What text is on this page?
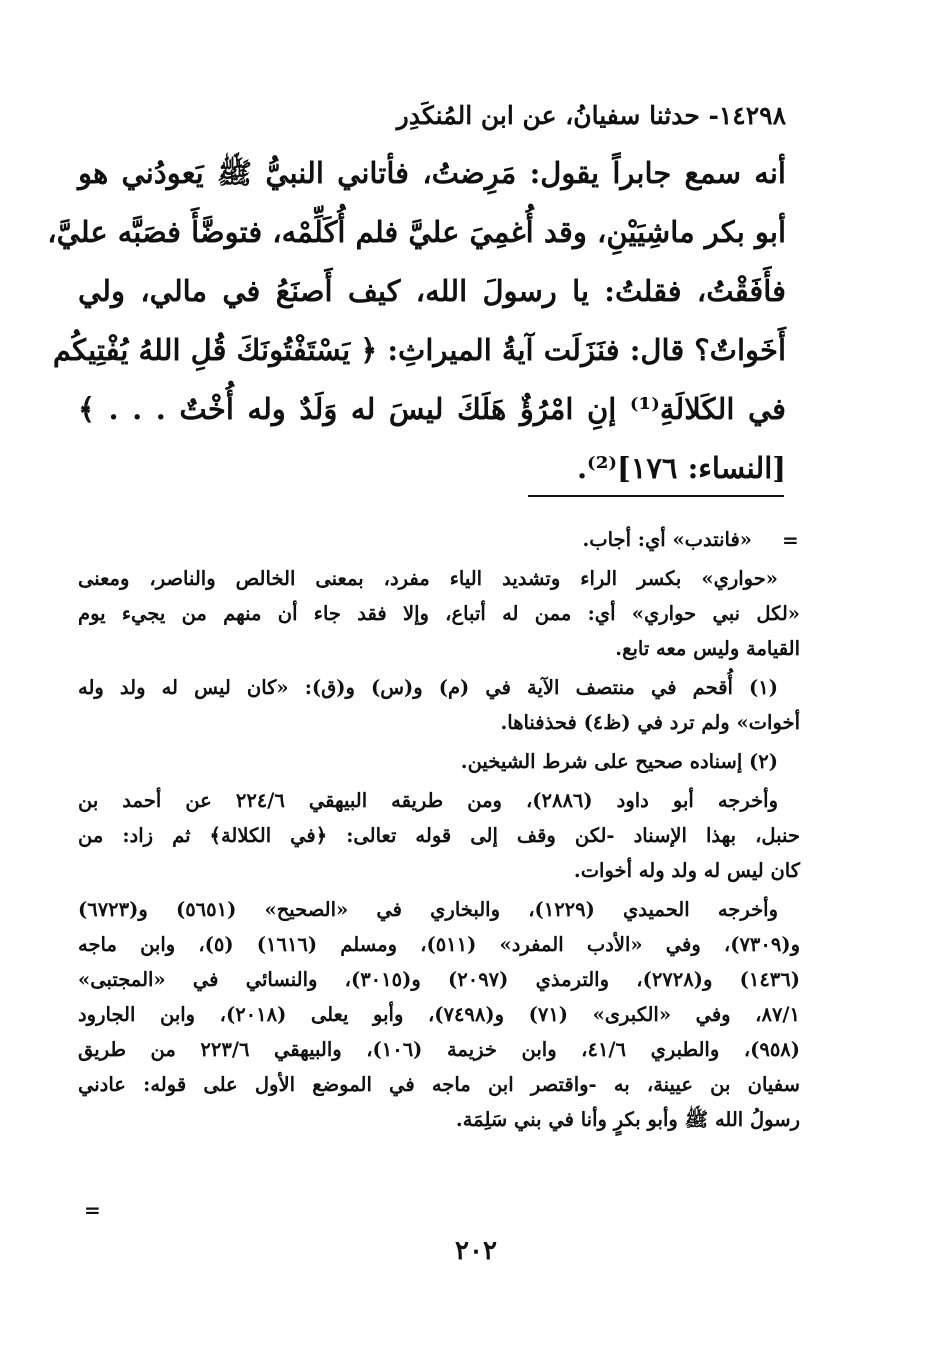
١٤٢٩٨- حدثنا سفيانُ، عن ابن المُنكَدِر
أنه سمع جابراً يقول: مَرِضتُ، فأتاني النبيُّ ﷺ يَعودُني هو
أبو بكر ماشِيَيْنِ، وقد أُغمِيَ عليَّ فلم أُكَلِّمْه، فتوضَّأَ فصَبَّه عليَّ،
فأَفَقْتُ، فقلتُ: يا رسولَ الله، كيف أَصنَعُ في مالي، ولي
أَخَواتٌ؟ قال: فنَزَلَت آيةُ الميراثِ: ﴿ يَسْتَفْتُونَكَ قُلِ اللهُ يُفْتِيكُم
في الكَلالَةِ⁽¹⁾ إنِ امْرُؤٌ هَلَكَ ليسَ له وَلَدٌ وله أُخْتٌ . . . ﴾
[النساء: ١٧٦]⁽²⁾.
=
«فانتدب» أي: أجاب.
«حواري» بكسر الراء وتشديد الياء مفرد، بمعنى الخالص والناصر، ومعنى
«لكل نبي حواري» أي: ممن له أتباع، وإلا فقد جاء أن منهم من يجيء يوم
القيامة وليس معه تابع.
(١) أُقحم في منتصف الآية في (م) و(س) و(ق): «كان ليس له ولد وله
أخوات» ولم ترد في (ظ٤) فحذفناها.
(٢) إسناده صحيح على شرط الشيخين.
وأخرجه أبو داود (٢٨٨٦)، ومن طريقه البيهقي ٢٢٤/٦ عن أحمد بن
حنبل، بهذا الإسناد -لكن وقف إلى قوله تعالى: ﴿في الكلالة﴾ ثم زاد: من
كان ليس له ولد وله أخوات.
وأخرجه الحميدي (١٢٢٩)، والبخاري في «الصحيح» (٥٦٥١) و(٦٧٢٣)
و(٧٣٠٩)، وفي «الأدب المفرد» (٥١١)، ومسلم (١٦١٦) (٥)، وابن ماجه
(١٤٣٦) و(٢٧٢٨)، والترمذي (٢٠٩٧) و(٣٠١٥)، والنسائي في «المجتبى»
٨٧/١، وفي «الكبرى» (٧١) و(٧٤٩٨)، وأبو يعلى (٢٠١٨)، وابن الجارود
(٩٥٨)، والطبري ٤١/٦، وابن خزيمة (١٠٦)، والبيهقي ٢٢٣/٦ من طريق
سفيان بن عيينة، به -واقتصر ابن ماجه في الموضع الأول على قوله: عادني
رسولُ الله ﷺ وأبو بكرٍ وأنا في بني سَلِمَة.
=
٢٠٢
